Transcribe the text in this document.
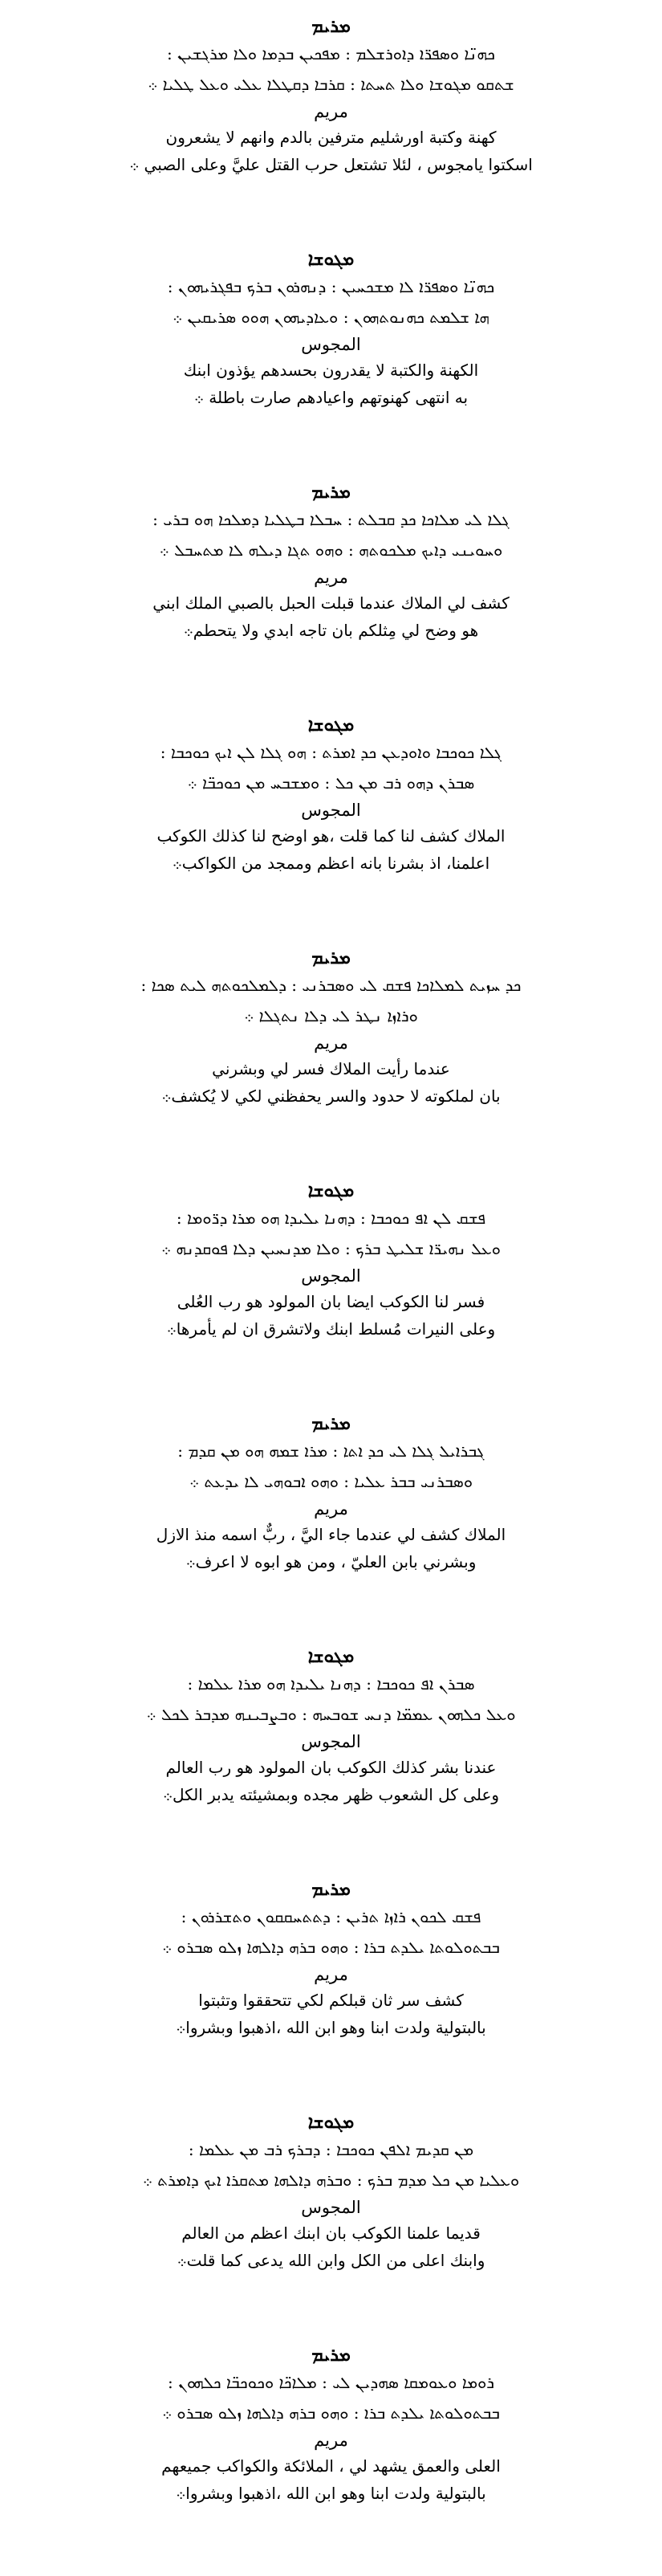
ܡܪܝܡ
ܟܗܢ̈ܐ ܘܣܦܪ̈ܐ ܕܐܘܪܫܠܡ : ܡܦܟܝܢ ܒܕܡܐ ܘܠܐ ܡܪܓܫܝܢ :
ܫܬܩܘ ܡܓܘܫܐ ܘܠܐ ܬܚܬܐ : ܩܪܒܐ ܕܩܛܠܐ ܥܠܝ ܘܥܠ ܛܠܝܐ ܀
مريم
كهنة وكتبة اورشليم مترفين بالدم وانهم لا يشعرون
اسكتوا يامجوس ، لئلا تشتعل حرب القتل عليَّ وعلى الصبي ܀
ܡܓܘܫܐ
ܟܗܢ̈ܐ ܘܣܦܪ̈ܐ ܠܐ ܡܫܟܚܝܢ : ܕܢܗܪܘܢ ܒܪܟ ܒܦܓܪܝܗܘܢ :
ܗܐ ܫܠܡܬ ܟܗܢܘܬܗܘܢ : ܘܥܐܕܝܗܘܢ ܗܘܘ ܣܪܝܩܝܢ ܀
المجوس
الكهنة والكتبة لا يقدرون بحسدهم يؤذون ابنك
به انتهى كهنوتهم واعيادهم صارت باطلة ܀
ܡܪܝܡ
ܓܠܐ ܠܝ ܡܠܐܟܐ ܟܕ ܩܒܠܬ : ܚܒܠܐ ܒܛܠܝܐ ܕܡܠܟܐ ܗܘ ܒܪܝ :
ܘܚܘܝܢܝ ܕܐܝܟ ܡܠܟܘܬܗ : ܘܗܘ ܬܓܐ ܕܝܠܗ ܠܐ ܡܬܚܒܠ ܀
مريم
كشف لي الملاك عندما قبلت الحبل بالصبي الملك ابني
هو وضح لي مِثلكم بان تاجه ابدي ولا يتحطم܀
ܡܓܘܫܐ
ܓܠܐ ܟܘܟܒܐ ܘܐܘܕܥܢ ܟܕ ܐܡܪܬ : ܗܘ ܓܠܐ ܠܢ ܐܝܟ ܟܘܟܒܐ :
ܣܒܪܢ ܕܗܘ ܪܒ ܡܢ ܟܠ : ܘܡܫܒܚ ܡܢ ܟܘܟܒ̈ܐ ܀
المجوس
الملاك كشف لنا كما قلت ،هو اوضح لنا كذلك الكوكب
اعلمنا، اذ بشرنا بانه اعظم وممجد من الكواكب܀
ܡܪܝܡ
ܟܕ ܚܙܝܬ ܠܡܠܐܟܐ ܦܫܩ ܠܝ ܘܣܒܪܢܝ : ܕܠܡܠܟܘܬܗ ܠܝܬ ܣܟܐ :
ܘܪܐܙܐ ܢܛܪ ܠܝ ܕܠܐ ܢܬܓܠܐ ܀
مريم
عندما رأيت الملاك فسر لي وبشرني
بان لملكوته لا حدود والسر يحفظني لكي لا يُكشف܀
ܡܓܘܫܐ
ܦܫܩ ܠܢ ܐܦ ܟܘܟܒܐ : ܕܗܢܐ ܝܠܝܕܐ ܗܘ ܡܪܐ ܕܪ̈ܘܡܐ :
ܘܥܠ ܢܗܝܪ̈ܐ ܫܠܝܛ ܒܪܟ : ܘܠܐ ܡܕܢܚܝܢ ܕܠܐ ܦܘܩܕܢܗ ܀
المجوس
فسر لنا الكوكب ايضا بان المولود هو رب العُلى
وعلى النيرات مُسلط ابنك ولاتشرق ان لم يأمرها܀
ܡܪܝܡ
ܓܒܪܐܝܠ ܓܠܐ ܠܝ ܟܕ ܐܬܐ : ܡܪܐ ܫܡܗ ܗܘ ܡܢ ܩܕܡ :
ܘܣܒܪܢܝ ܒܒܪ ܥܠܝܐ : ܘܗܘ ܐܒܘܗܝ ܠܐ ܝܕܥܬ ܀
مريم
الملاك كشف لي عندما جاء اليَّ ، ربٌّ اسمه منذ الازل
وبشرني بابن العليّ ، ومن هو ابوه لا اعرف܀
ܡܓܘܫܐ
ܣܒܪܢ ܐܦ ܟܘܟܒܐ : ܕܗܢܐ ܝܠܝܕܐ ܗܘ ܡܪܐ ܥܠܡܐ :
ܘܥܠ ܟܠܗܘܢ ܥܡܡ̈ܐ ܕܢܚ ܫܘܒܚܗ : ܘܒܨܒܝܢܗ ܡܕܒܪ ܠܟܠ ܀
المجوس
عندنا بشر كذلك الكوكب بان المولود هو رب العالم
وعلى كل الشعوب ظهر مجده وبمشيئته يدبر الكل܀
ܡܪܝܡ
ܦܫܩ ܠܟܘܢ ܪܐܙܐ ܬܪܝܢ : ܕܬܬܚܩܩܘܢ ܘܬܫܪܪܘܢ :
ܒܒܬܘܠܘܬܐ ܝܠܕܬ ܒܪܐ : ܘܗܘ ܒܪܗ ܕܐܠܗܐ ܙܠܘ ܣܒܪܘ ܀
مريم
كشف سر ثان قبلكم لكي تتحققوا وتثبتوا
بالبتولية ولدت ابنا وهو ابن الله ،اذهبوا وبشروا܀
ܡܓܘܫܐ
ܡܢ ܩܕܝܡ ܐܠܦܢ ܟܘܟܒܐ : ܕܒܪܟ ܪܒ ܡܢ ܥܠܡܐ :
ܘܥܠܝܐ ܡܢ ܟܠ ܡܕܡ ܒܪܟ : ܘܒܪܗ ܕܐܠܗܐ ܡܬܩܪܐ ܐܝܟ ܕܐܡܪܬ ܀
المجوس
قديما علمنا الكوكب بان ابنك اعظم من العالم
وابنك اعلى من الكل وابن الله يدعى كما قلت܀
ܡܪܝܡ
ܪܘܡܐ ܘܥܘܡܩܐ ܣܗܕܝܢ ܠܝ : ܡܠܐܟ̈ܐ ܘܟܘܟܒ̈ܐ ܟܠܗܘܢ :
ܒܒܬܘܠܘܬܐ ܝܠܕܬ ܒܪܐ : ܘܗܘ ܒܪܗ ܕܐܠܗܐ ܙܠܘ ܣܒܪܘ ܀
مريم
العلى والعمق يشهد لي ، الملائكة والكواكب جميعهم
بالبتولية ولدت ابنا وهو ابن الله ،اذهبوا وبشروا܀
